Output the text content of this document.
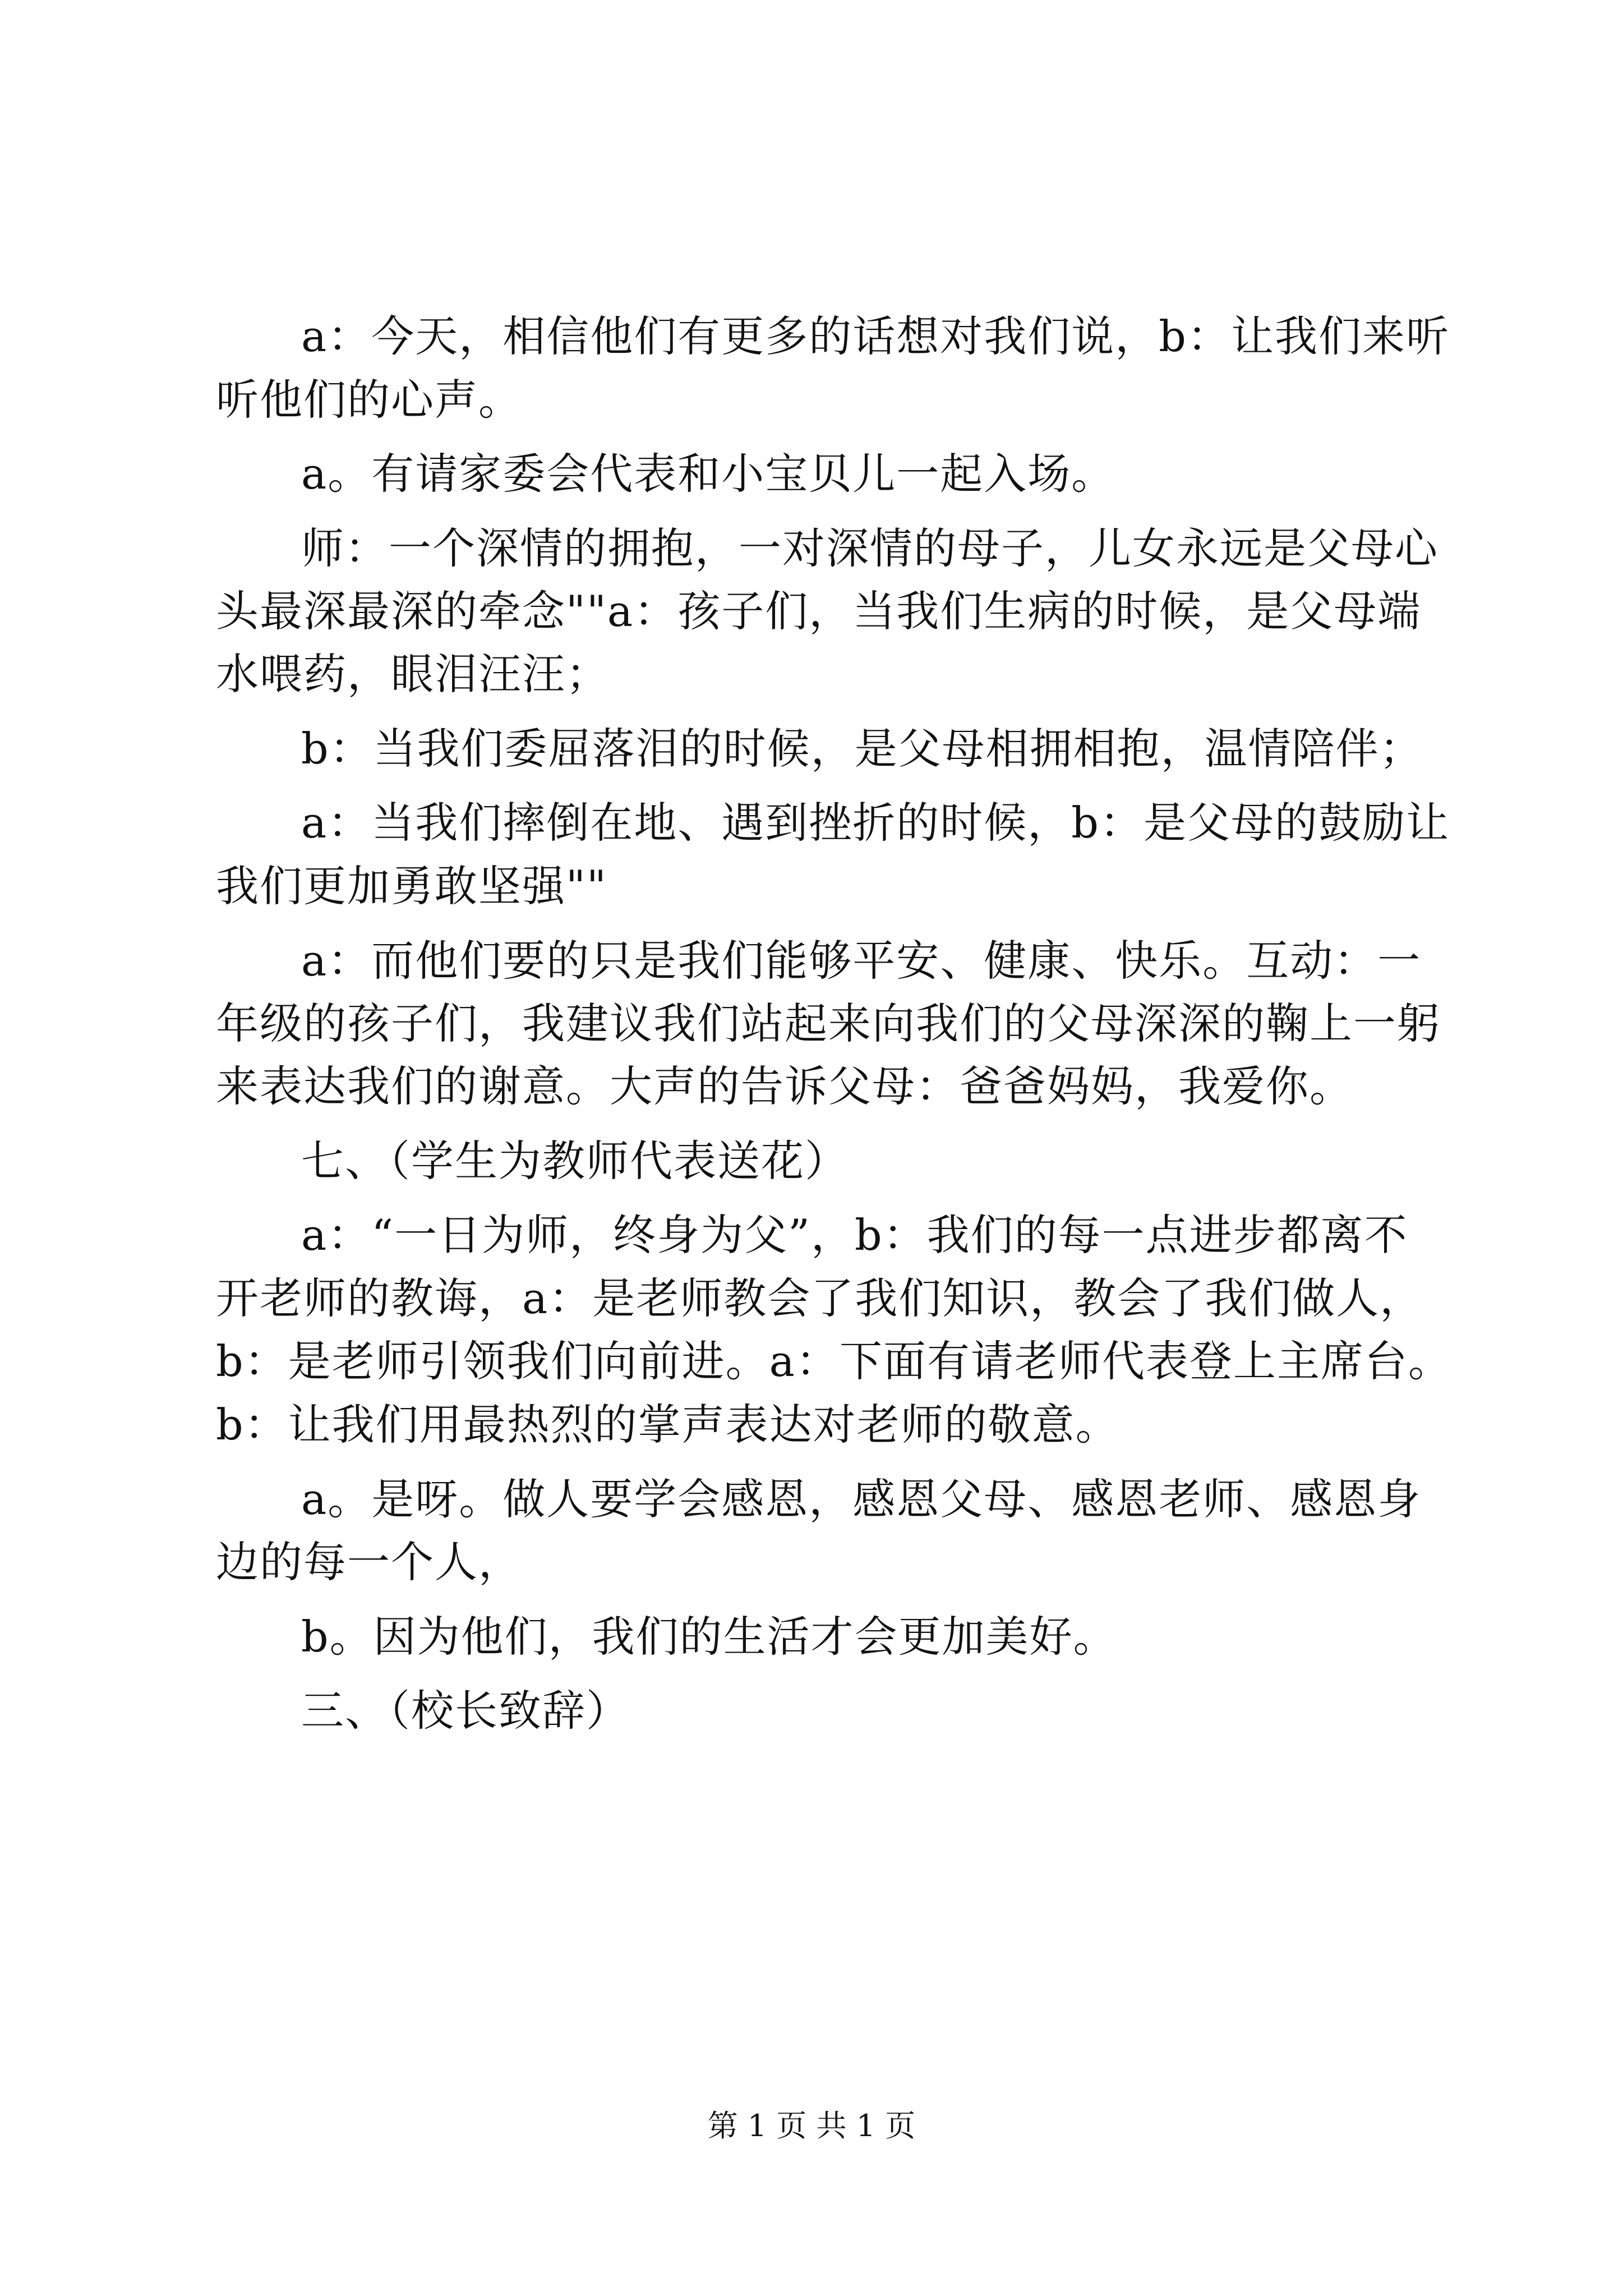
a：今天，相信他们有更多的话想对我们说，b：让我们来听
听他们的心声。
a。有请家委会代表和小宝贝儿一起入场。
师：一个深情的拥抱，一对深情的母子，儿女永远是父母心
头最深最深的牵念""a：孩子们，当我们生病的时候，是父母端
水喂药，眼泪汪汪；
b：当我们委屈落泪的时候，是父母相拥相抱，温情陪伴；
a：当我们摔倒在地、遇到挫折的时候，b：是父母的鼓励让
我们更加勇敢坚强""
a：而他们要的只是我们能够平安、健康、快乐。互动：一
年级的孩子们，我建议我们站起来向我们的父母深深的鞠上一躬
来表达我们的谢意。大声的告诉父母：爸爸妈妈，我爱你。
七、（学生为教师代表送花）
a：“一日为师，终身为父”，b：我们的每一点进步都离不
开老师的教诲，a：是老师教会了我们知识，教会了我们做人，
b：是老师引领我们向前进。a：下面有请老师代表登上主席台。
b：让我们用最热烈的掌声表达对老师的敬意。
a。是呀。做人要学会感恩，感恩父母、感恩老师、感恩身
边的每一个人，
b。因为他们，我们的生活才会更加美好。
三、（校长致辞）
第 1 页 共 1 页
